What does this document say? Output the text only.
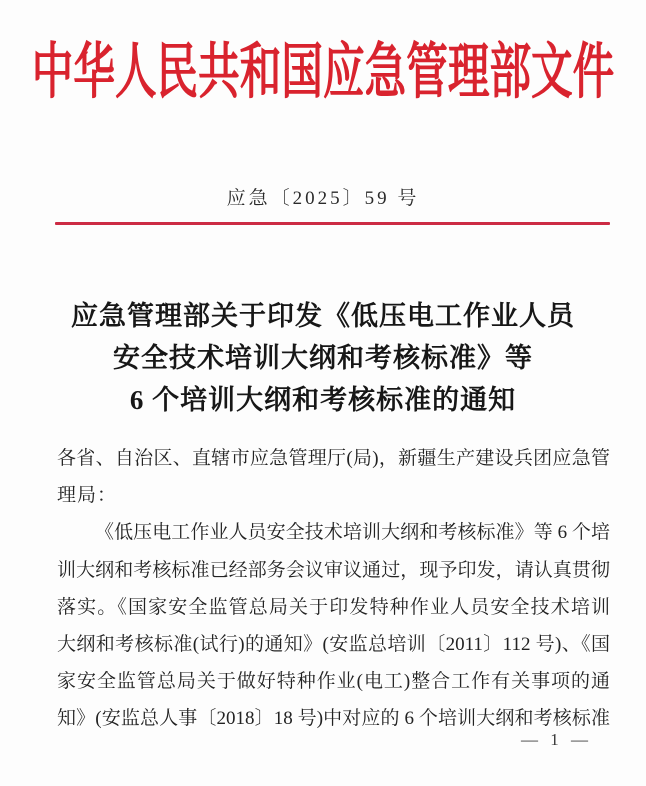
中华人民共和国应急管理部文件
应急〔2025〕59 号
应急管理部关于印发《低压电工作业人员
安全技术培训大纲和考核标准》等
6 个培训大纲和考核标准的通知
各省、自治区、直辖市应急管理厅(局)，新疆生产建设兵团应急管
理局：
《低压电工作业人员安全技术培训大纲和考核标准》等 6 个培
训大纲和考核标准已经部务会议审议通过，现予印发，请认真贯彻
落实。《国家安全监管总局关于印发特种作业人员安全技术培训
大纲和考核标准(试行)的通知》(安监总培训〔2011〕112 号)、《国
家安全监管总局关于做好特种作业(电工)整合工作有关事项的通
知》(安监总人事〔2018〕18 号)中对应的 6 个培训大纲和考核标准
— 1 —
